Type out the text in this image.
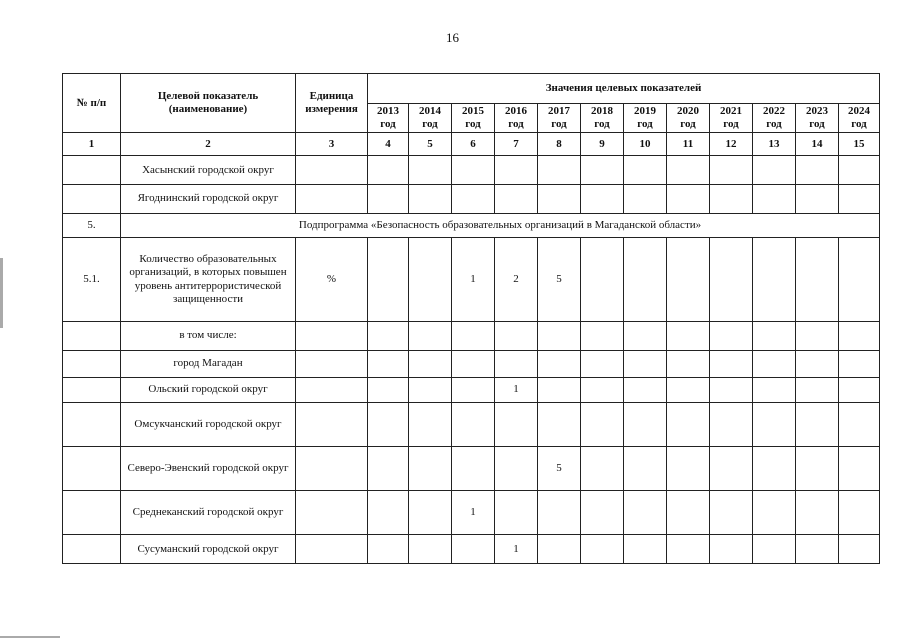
16
№ п/п	Целевой показатель (наименование)	Единица измерения	Значения целевых показателей											
			2013 год	2014 год	2015 год	2016 год	2017 год	2018 год	2019 год	2020 год	2021 год	2022 год	2023 год	2024 год
1	2	3	4	5	6	7	8	9	10	11	12	13	14	15
	Хасынский городской округ													
	Ягоднинский городской округ													
5.	Подпрограмма «Безопасность образовательных организаций в Магаданской области»													
5.1.	Количество образовательных организаций, в которых повышен уровень антитеррористической защищенности	%			1	2	5							
	в том числе:													
	город Магадан													
	Ольский городской округ					1								
	Омсукчанский городской округ													
	Северо-Эвенский городской округ						5							
	Среднеканский городской округ				1									
	Сусуманский городской округ					1								
